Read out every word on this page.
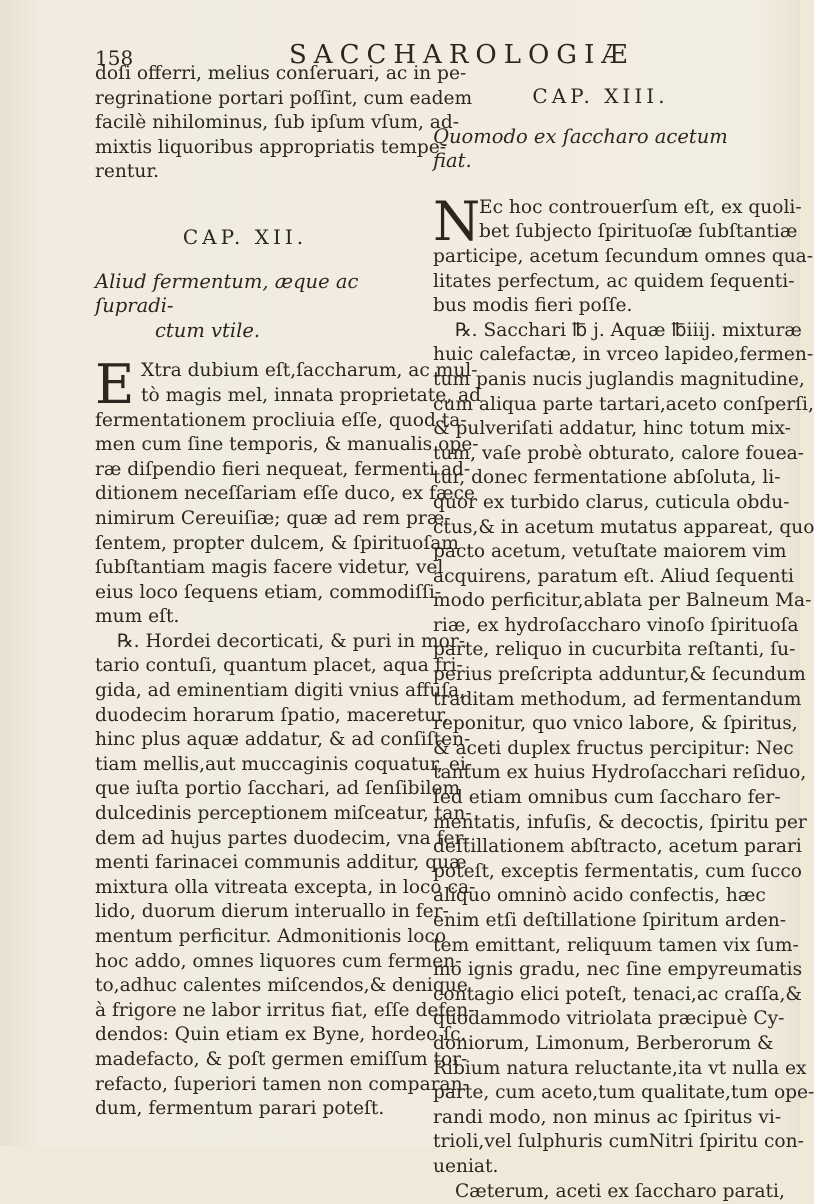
158	SACCHAROLOGIÆ
doſi offerri, melius conſeruari, ac in pe-
regrinatione portari poſſint, cum eadem
facilè nihilominus, ſub ipſum vſum, ad-
mixtis liquoribus appropriatis tempe-
rentur.

CAP. XII.

Aliud fermentum, æque ac ſupradi-
ctum vtile.
E Xtra dubium eſt,ſaccharum, ac mul-
tò magis mel, innata proprietate, ad
fermentationem procliuia eſſe, quod ta-
men cum ſine temporis, & manualis ope-
ræ diſpendio fieri nequeat, fermenti ad-
ditionem neceſſariam eſſe duco, ex fæce
nimirum Cereuiſiæ; quæ ad rem præ-
ſentem, propter dulcem, & ſpirituoſam
ſubſtantiam magis facere videtur, vel
eius loco ſequens etiam, commodiſſi-
mum eſt.
℞. Hordei decorticati, & puri in mor-
tario contuſi, quantum placet, aqua fri-
gida, ad eminentiam digiti vnius affuſa,
duodecim horarum ſpatio, maceretur,
hinc plus aquæ addatur, & ad conſiſten-
tiam mellis,aut muccaginis coquatur, ei-
que iuſta portio ſacchari, ad ſenſibilem
dulcedinis perceptionem miſceatur, tan-
dem ad hujus partes duodecim, vna fer-
menti farinacei communis additur, quæ
mixtura olla vitreata excepta, in loco ca-
lido, duorum dierum interuallo in fer-
mentum perficitur. Admonitionis loco
hoc addo, omnes liquores cum fermen-
to,adhuc calentes miſcendos,& denique
à frigore ne labor irritus fiat, eſſe defen-
dendos: Quin etiam ex Byne, hordeo ſc.
madefacto, & poſt germen emiſſum tor-
refacto, ſuperiori tamen non comparan-
dum, fermentum parari poteſt.

CAP. XIII.

Quomodo ex ſaccharo acetum fiat.

N
Ec hoc controuerſum eſt, ex quoli-
bet ſubjecto ſpirituoſæ ſubſtantiæ
participe, acetum ſecundum omnes qua-
litates perfectum, ac quidem ſequenti-
bus modis fieri poſſe.
℞. Sacchari ℔ j. Aquæ ℔iiij. mixturæ
huic calefactæ, in vrceo lapideo,fermen-
tum panis nucis juglandis magnitudine,
cum aliqua parte tartari,aceto conſperſi,
& pulveriſati addatur, hinc totum mix-
tum, vaſe probè obturato, calore fouea-
tur, donec fermentatione abſoluta, li-
quor ex turbido clarus, cuticula obdu-
ctus,& in acetum mutatus appareat, quo
pacto acetum, vetuſtate maiorem vim
acquirens, paratum eſt. Aliud ſequenti
modo perficitur,ablata per Balneum Ma-
riæ, ex hydroſaccharo vinoſo ſpirituoſa
parte, reliquo in cucurbita reſtanti, ſu-
perius preſcripta adduntur,& ſecundum
traditam methodum, ad fermentandum
reponitur, quo vnico labore, & ſpiritus,
& aceti duplex fructus percipitur: Nec
tantum ex huius Hydroſacchari reſiduo,
ſed etiam omnibus cum ſaccharo fer-
mentatis, infuſis, & decoctis, ſpiritu per
deſtillationem abſtracto, acetum parari
poteſt, exceptis fermentatis, cum ſucco
aliquo omninò acido confectis, hæc
enim etſi deſtillatione ſpiritum arden-
tem emittant, reliquum tamen vix ſum-
mo ignis gradu, nec ſine empyreumatis
contagio elici poteſt, tenaci,ac craſſa,&
quodammodo vitriolata præcipuè Cy-
doniorum, Limonum, Berberorum &
Ribium natura reluctante,ita vt nulla ex
parte, cum aceto,tum qualitate,tum ope-
randi modo, non minus ac ſpiritus vi-
trioli,vel ſulphuris cumNitri ſpiritu con-
ueniat.
Cæterum, aceti ex ſaccharo parati,
